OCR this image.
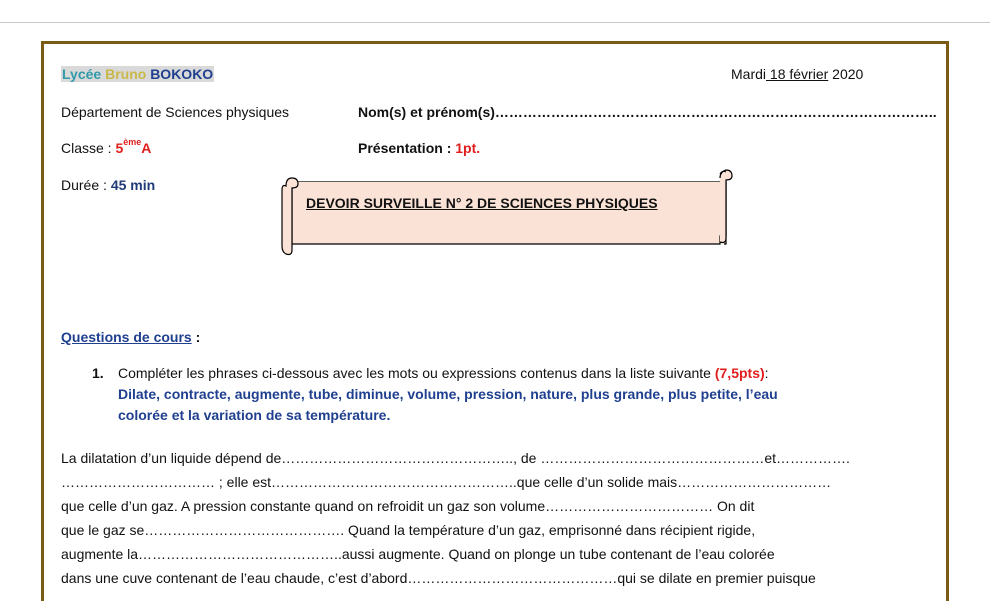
Lycée Bruno BOKOKO	Mardi 18 février 2020
Département de Sciences physiques	Nom(s) et prénom(s)…………………………………………………………………………………..
Classe : 5èmeA	Présentation : 1pt.
Durée : 45 min
DEVOIR SURVEILLE N° 2 DE SCIENCES PHYSIQUES
Questions de cours :
1. Compléter les phrases ci-dessous avec les mots ou expressions contenus dans la liste suivante (7,5pts):
Dilate, contracte, augmente, tube, diminue, volume, pression, nature, plus grande, plus petite, l’eau
colorée et la variation de sa température.
La dilatation d’un liquide dépend de………………………………………….., de …………………………………………et…………….
…………………………… ; elle est……………………………………………..que celle d’un solide mais……………………………
que celle d’un gaz. A pression constante quand on refroidit un gaz son volume……………………………… On dit
que le gaz se……………………………………. Quand la température d’un gaz, emprisonné dans récipient rigide,
augmente la……………………………………..aussi augmente. Quand on plonge un tube contenant de l’eau colorée
dans une cuve contenant de l’eau chaude, c’est d’abord………………………………………qui se dilate en premier puisque
